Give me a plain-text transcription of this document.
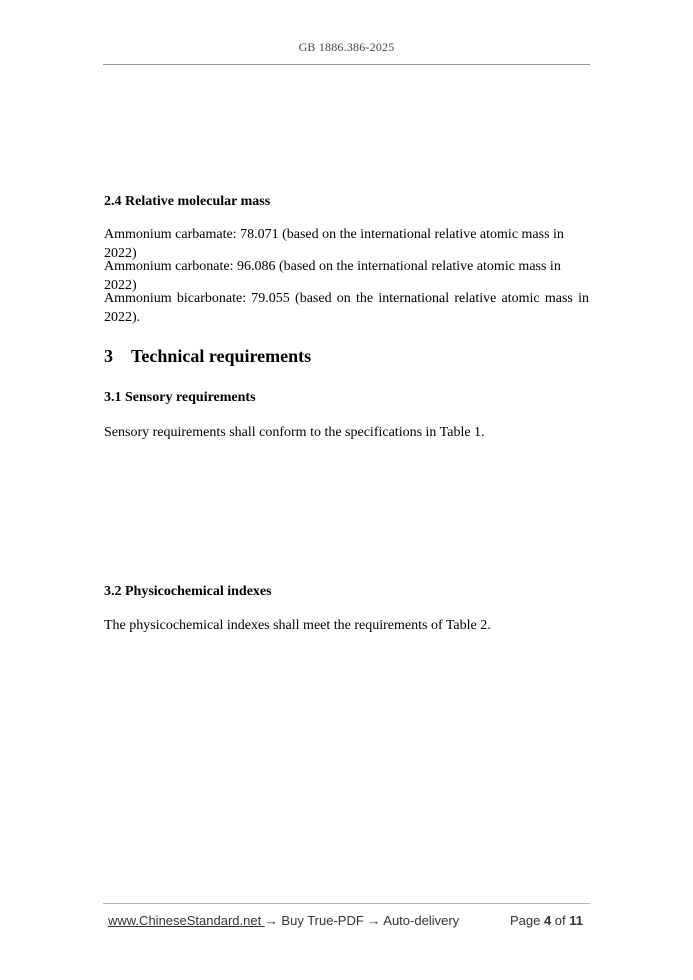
GB 1886.386-2025
2.4 Relative molecular mass
Ammonium carbamate: 78.071 (based on the international relative atomic mass in 2022)
Ammonium carbonate: 96.086 (based on the international relative atomic mass in 2022)
Ammonium bicarbonate: 79.055 (based on the international relative atomic mass in
2022).
3 Technical requirements
3.1 Sensory requirements
Sensory requirements shall conform to the specifications in Table 1.
3.2 Physicochemical indexes
The physicochemical indexes shall meet the requirements of Table 2.
www.ChineseStandard.net → Buy True-PDF → Auto-delivery	Page 4 of 11
